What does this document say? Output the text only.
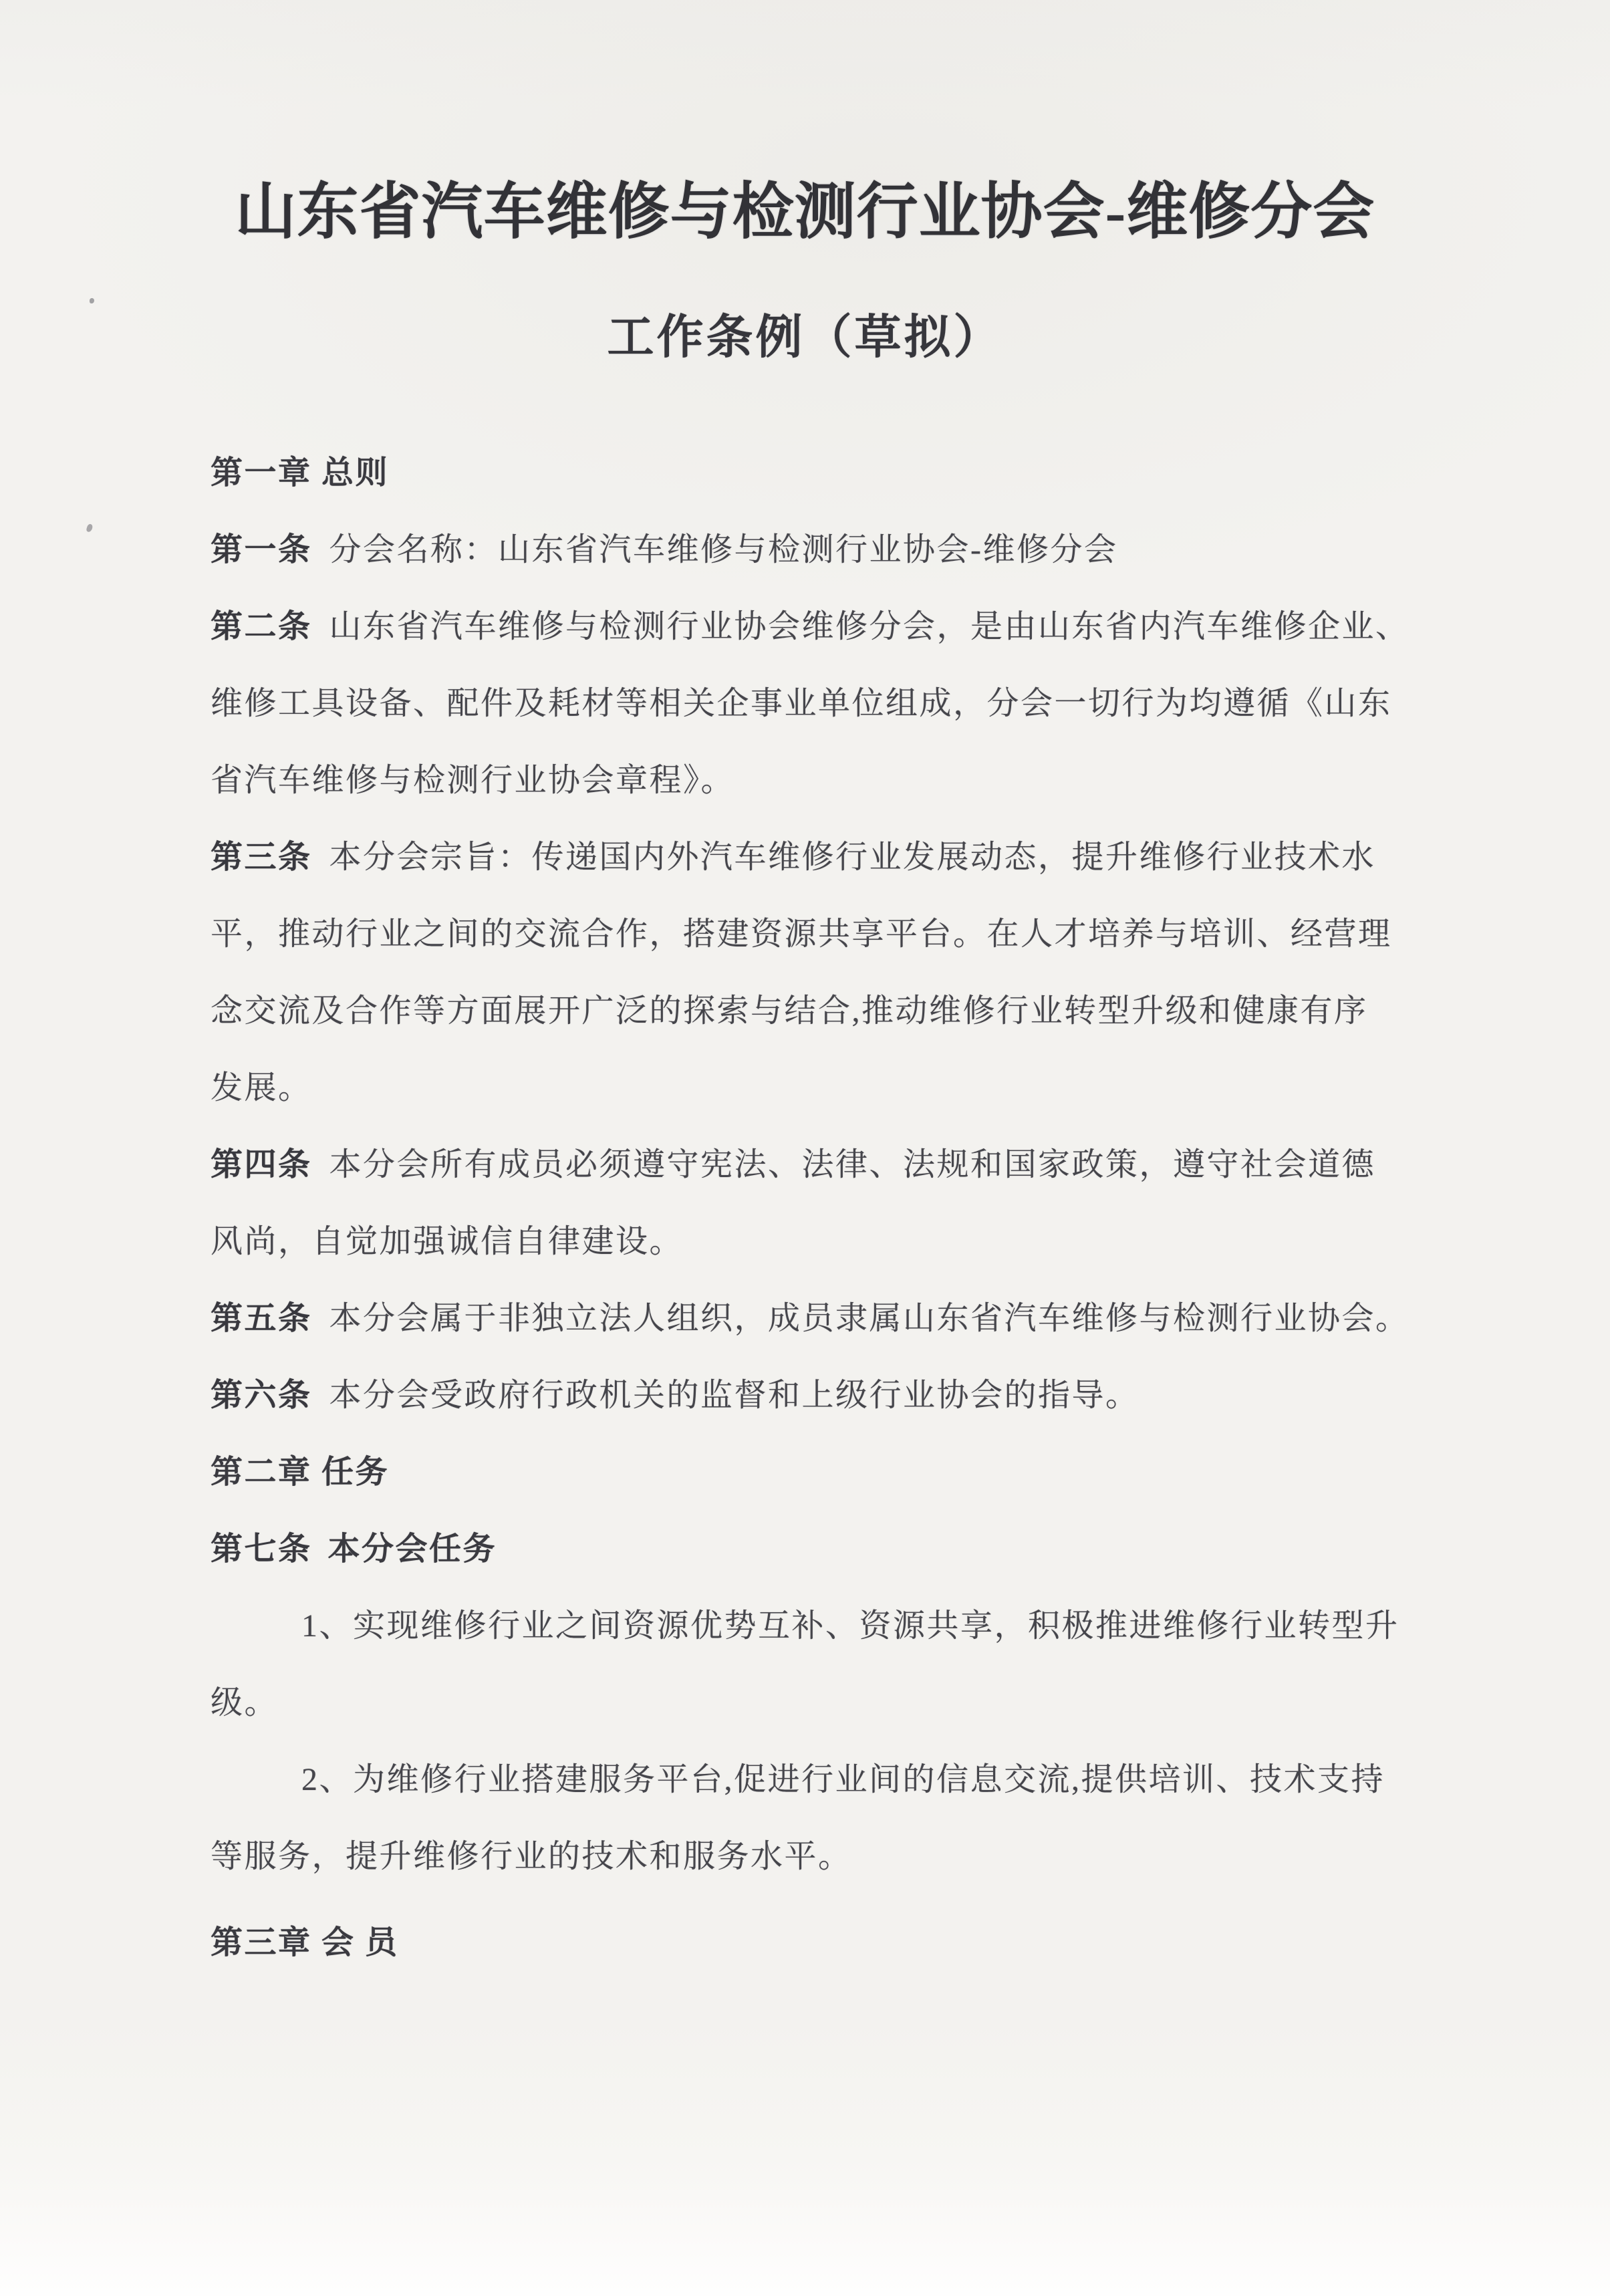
山东省汽车维修与检测行业协会-维修分会
工作条例（草拟）
第一章 总则
第一条 分会名称：山东省汽车维修与检测行业协会-维修分会
第二条 山东省汽车维修与检测行业协会维修分会，是由山东省内汽车维修企业、
维修工具设备、配件及耗材等相关企事业单位组成，分会一切行为均遵循《山东
省汽车维修与检测行业协会章程》。
第三条 本分会宗旨：传递国内外汽车维修行业发展动态，提升维修行业技术水
平，推动行业之间的交流合作，搭建资源共享平台。在人才培养与培训、经营理
念交流及合作等方面展开广泛的探索与结合,推动维修行业转型升级和健康有序
发展。
第四条 本分会所有成员必须遵守宪法、法律、法规和国家政策，遵守社会道德
风尚，自觉加强诚信自律建设。
第五条 本分会属于非独立法人组织，成员隶属山东省汽车维修与检测行业协会。
第六条 本分会受政府行政机关的监督和上级行业协会的指导。
第二章 任务
第七条 本分会任务
1、实现维修行业之间资源优势互补、资源共享，积极推进维修行业转型升
级。
2、为维修行业搭建服务平台,促进行业间的信息交流,提供培训、技术支持
等服务，提升维修行业的技术和服务水平。
第三章 会 员
